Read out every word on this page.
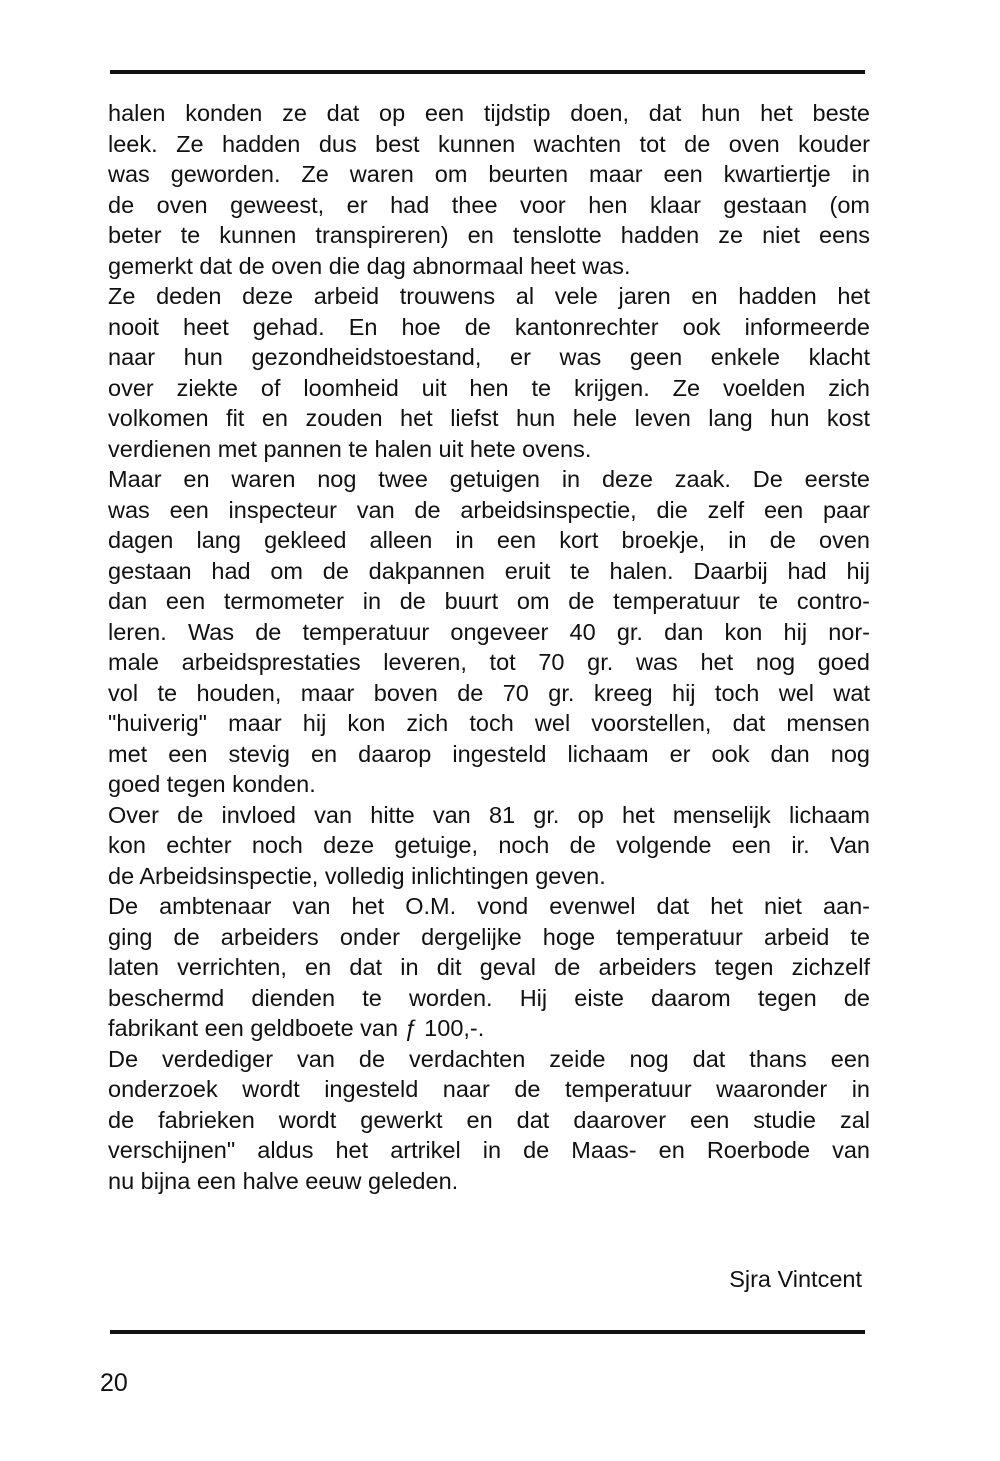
halen konden ze dat op een tijdstip doen, dat hun het beste
leek. Ze hadden dus best kunnen wachten tot de oven kouder
was geworden. Ze waren om beurten maar een kwartiertje in
de oven geweest, er had thee voor hen klaar gestaan (om
beter te kunnen transpireren) en tenslotte hadden ze niet eens
gemerkt dat de oven die dag abnormaal heet was.

Ze deden deze arbeid trouwens al vele jaren en hadden het
nooit heet gehad. En hoe de kantonrechter ook informeerde
naar hun gezondheidstoestand, er was geen enkele klacht
over ziekte of loomheid uit hen te krijgen. Ze voelden zich
volkomen fit en zouden het liefst hun hele leven lang hun kost
verdienen met pannen te halen uit hete ovens.

Maar en waren nog twee getuigen in deze zaak. De eerste
was een inspecteur van de arbeidsinspectie, die zelf een paar
dagen lang gekleed alleen in een kort broekje, in de oven
gestaan had om de dakpannen eruit te halen. Daarbij had hij
dan een termometer in de buurt om de temperatuur te contro-
leren. Was de temperatuur ongeveer 40 gr. dan kon hij nor-
male arbeidsprestaties leveren, tot 70 gr. was het nog goed
vol te houden, maar boven de 70 gr. kreeg hij toch wel wat
"huiverig" maar hij kon zich toch wel voorstellen, dat mensen
met een stevig en daarop ingesteld lichaam er ook dan nog
goed tegen konden.

Over de invloed van hitte van 81 gr. op het menselijk lichaam
kon echter noch deze getuige, noch de volgende een ir. Van
de Arbeidsinspectie, volledig inlichtingen geven.

De ambtenaar van het O.M. vond evenwel dat het niet aan-
ging de arbeiders onder dergelijke hoge temperatuur arbeid te
laten verrichten, en dat in dit geval de arbeiders tegen zichzelf
beschermd dienden te worden. Hij eiste daarom tegen de
fabrikant een geldboete van ƒ 100,-.

De verdediger van de verdachten zeide nog dat thans een
onderzoek wordt ingesteld naar de temperatuur waaronder in
de fabrieken wordt gewerkt en dat daarover een studie zal
verschijnen" aldus het artrikel in de Maas- en Roerbode van
nu bijna een halve eeuw geleden.

Sjra Vintcent
20
